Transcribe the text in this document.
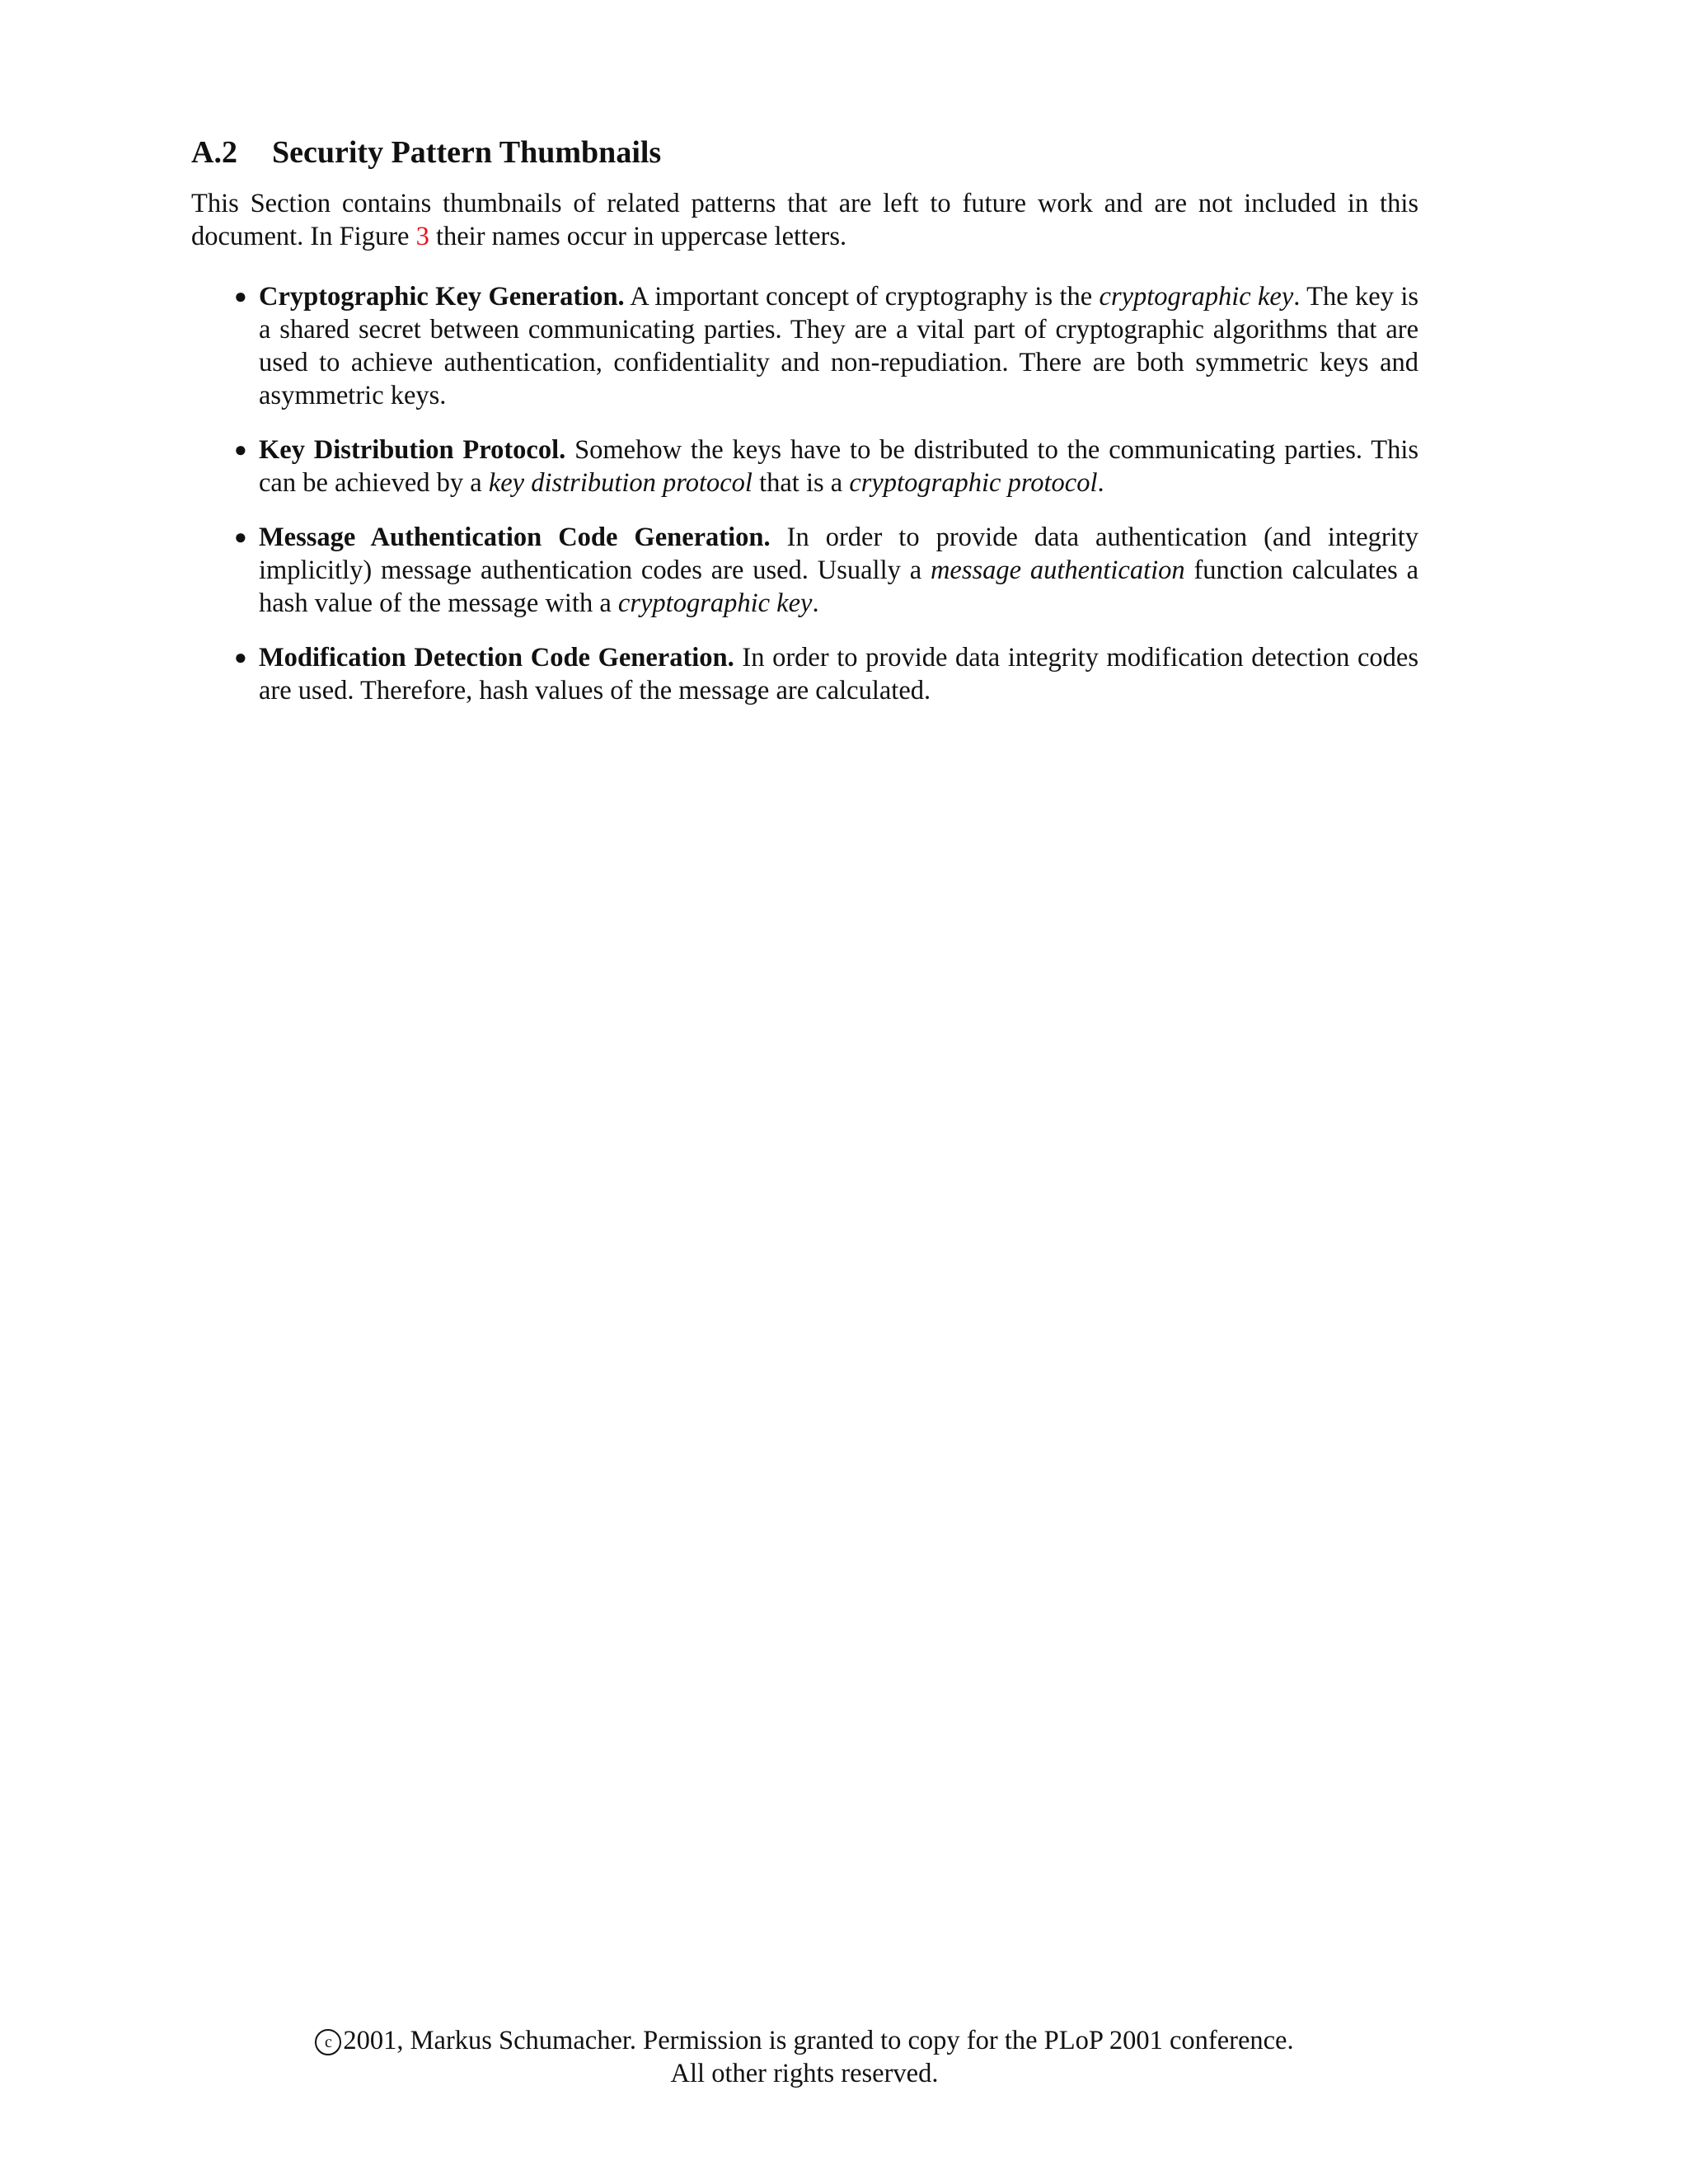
A.2 Security Pattern Thumbnails

This Section contains thumbnails of related patterns that are left to future work and are not included in this document. In Figure 3 their names occur in uppercase letters.

● Cryptographic Key Generation. A important concept of cryptography is the cryptographic key. The key is a shared secret between communicating parties. They are a vital part of cryptographic algorithms that are used to achieve authentication, confidentiality and non-repudiation. There are both symmetric keys and asymmetric keys.
● Key Distribution Protocol. Somehow the keys have to be distributed to the communicating parties. This can be achieved by a key distribution protocol that is a cryptographic protocol.
● Message Authentication Code Generation. In order to provide data authentication (and integrity implicitly) message authentication codes are used. Usually a message authentication function calculates a hash value of the message with a cryptographic key.
● Modification Detection Code Generation. In order to provide data integrity modification detection codes are used. Therefore, hash values of the message are calculated.

c 2001, Markus Schumacher. Permission is granted to copy for the PLoP 2001 conference.
All other rights reserved.
